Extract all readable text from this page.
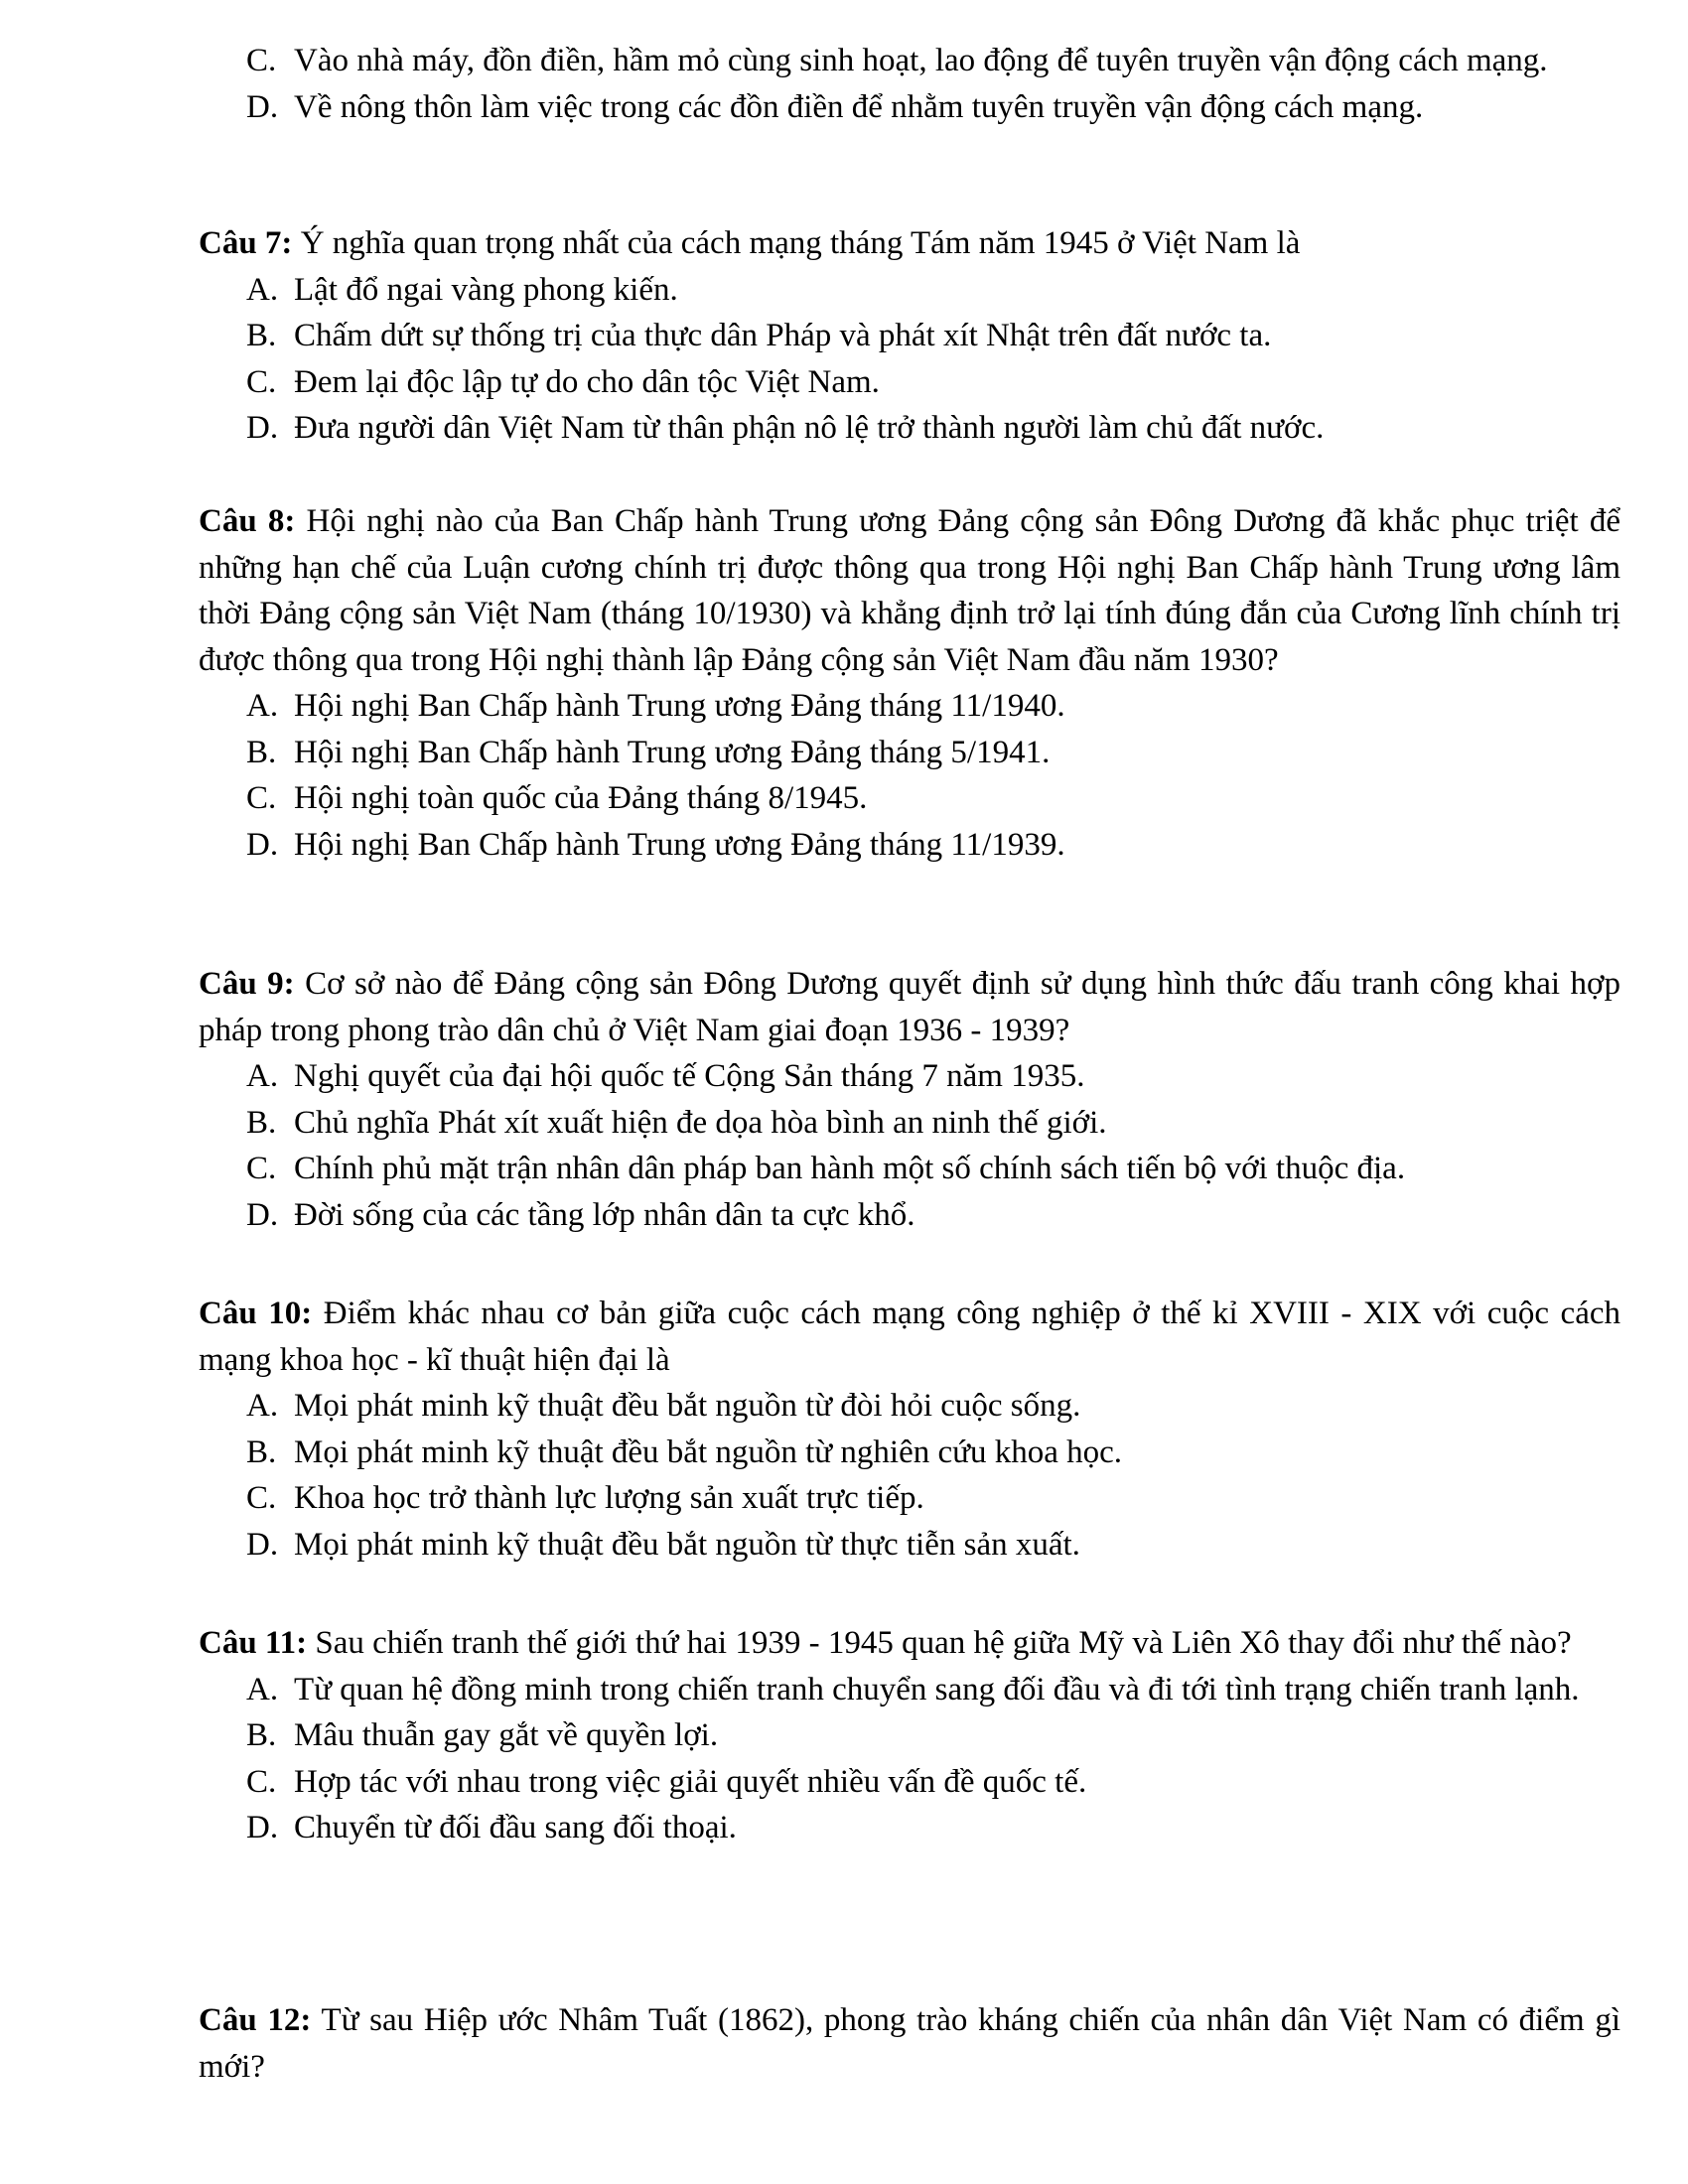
C. Vào nhà máy, đồn điền, hầm mỏ cùng sinh hoạt, lao động để tuyên truyền vận động cách mạng.
D. Về nông thôn làm việc trong các đồn điền để nhằm tuyên truyền vận động cách mạng.
Câu 7: Ý nghĩa quan trọng nhất của cách mạng tháng Tám năm 1945 ở Việt Nam là
A. Lật đổ ngai vàng phong kiến.
B. Chấm dứt sự thống trị của thực dân Pháp và phát xít Nhật trên đất nước ta.
C. Đem lại độc lập tự do cho dân tộc Việt Nam.
D. Đưa người dân Việt Nam từ thân phận nô lệ trở thành người làm chủ đất nước.
Câu 8: Hội nghị nào của Ban Chấp hành Trung ương Đảng cộng sản Đông Dương đã khắc phục triệt để những hạn chế của Luận cương chính trị được thông qua trong Hội nghị Ban Chấp hành Trung ương lâm thời Đảng cộng sản Việt Nam (tháng 10/1930) và khẳng định trở lại tính đúng đắn của Cương lĩnh chính trị được thông qua trong Hội nghị thành lập Đảng cộng sản Việt Nam đầu năm 1930?
A. Hội nghị Ban Chấp hành Trung ương Đảng tháng 11/1940.
B. Hội nghị Ban Chấp hành Trung ương Đảng tháng 5/1941.
C. Hội nghị toàn quốc của Đảng tháng 8/1945.
D. Hội nghị Ban Chấp hành Trung ương Đảng tháng 11/1939.
Câu 9: Cơ sở nào để Đảng cộng sản Đông Dương quyết định sử dụng hình thức đấu tranh công khai hợp pháp trong phong trào dân chủ ở Việt Nam giai đoạn 1936 - 1939?
A. Nghị quyết của đại hội quốc tế Cộng Sản tháng 7 năm 1935.
B. Chủ nghĩa Phát xít xuất hiện đe dọa hòa bình an ninh thế giới.
C. Chính phủ mặt trận nhân dân pháp ban hành một số chính sách tiến bộ với thuộc địa.
D. Đời sống của các tầng lớp nhân dân ta cực khổ.
Câu 10: Điểm khác nhau cơ bản giữa cuộc cách mạng công nghiệp ở thế kỉ XVIII - XIX với cuộc cách mạng khoa học - kĩ thuật hiện đại là
A. Mọi phát minh kỹ thuật đều bắt nguồn từ đòi hỏi cuộc sống.
B. Mọi phát minh kỹ thuật đều bắt nguồn từ nghiên cứu khoa học.
C. Khoa học trở thành lực lượng sản xuất trực tiếp.
D. Mọi phát minh kỹ thuật đều bắt nguồn từ thực tiễn sản xuất.
Câu 11: Sau chiến tranh thế giới thứ hai 1939 - 1945 quan hệ giữa Mỹ và Liên Xô thay đổi như thế nào?
A. Từ quan hệ đồng minh trong chiến tranh chuyển sang đối đầu và đi tới tình trạng chiến tranh lạnh.
B. Mâu thuẫn gay gắt về quyền lợi.
C. Hợp tác với nhau trong việc giải quyết nhiều vấn đề quốc tế.
D. Chuyển từ đối đầu sang đối thoại.
Câu 12: Từ sau Hiệp ước Nhâm Tuất (1862), phong trào kháng chiến của nhân dân Việt Nam có điểm gì mới?
